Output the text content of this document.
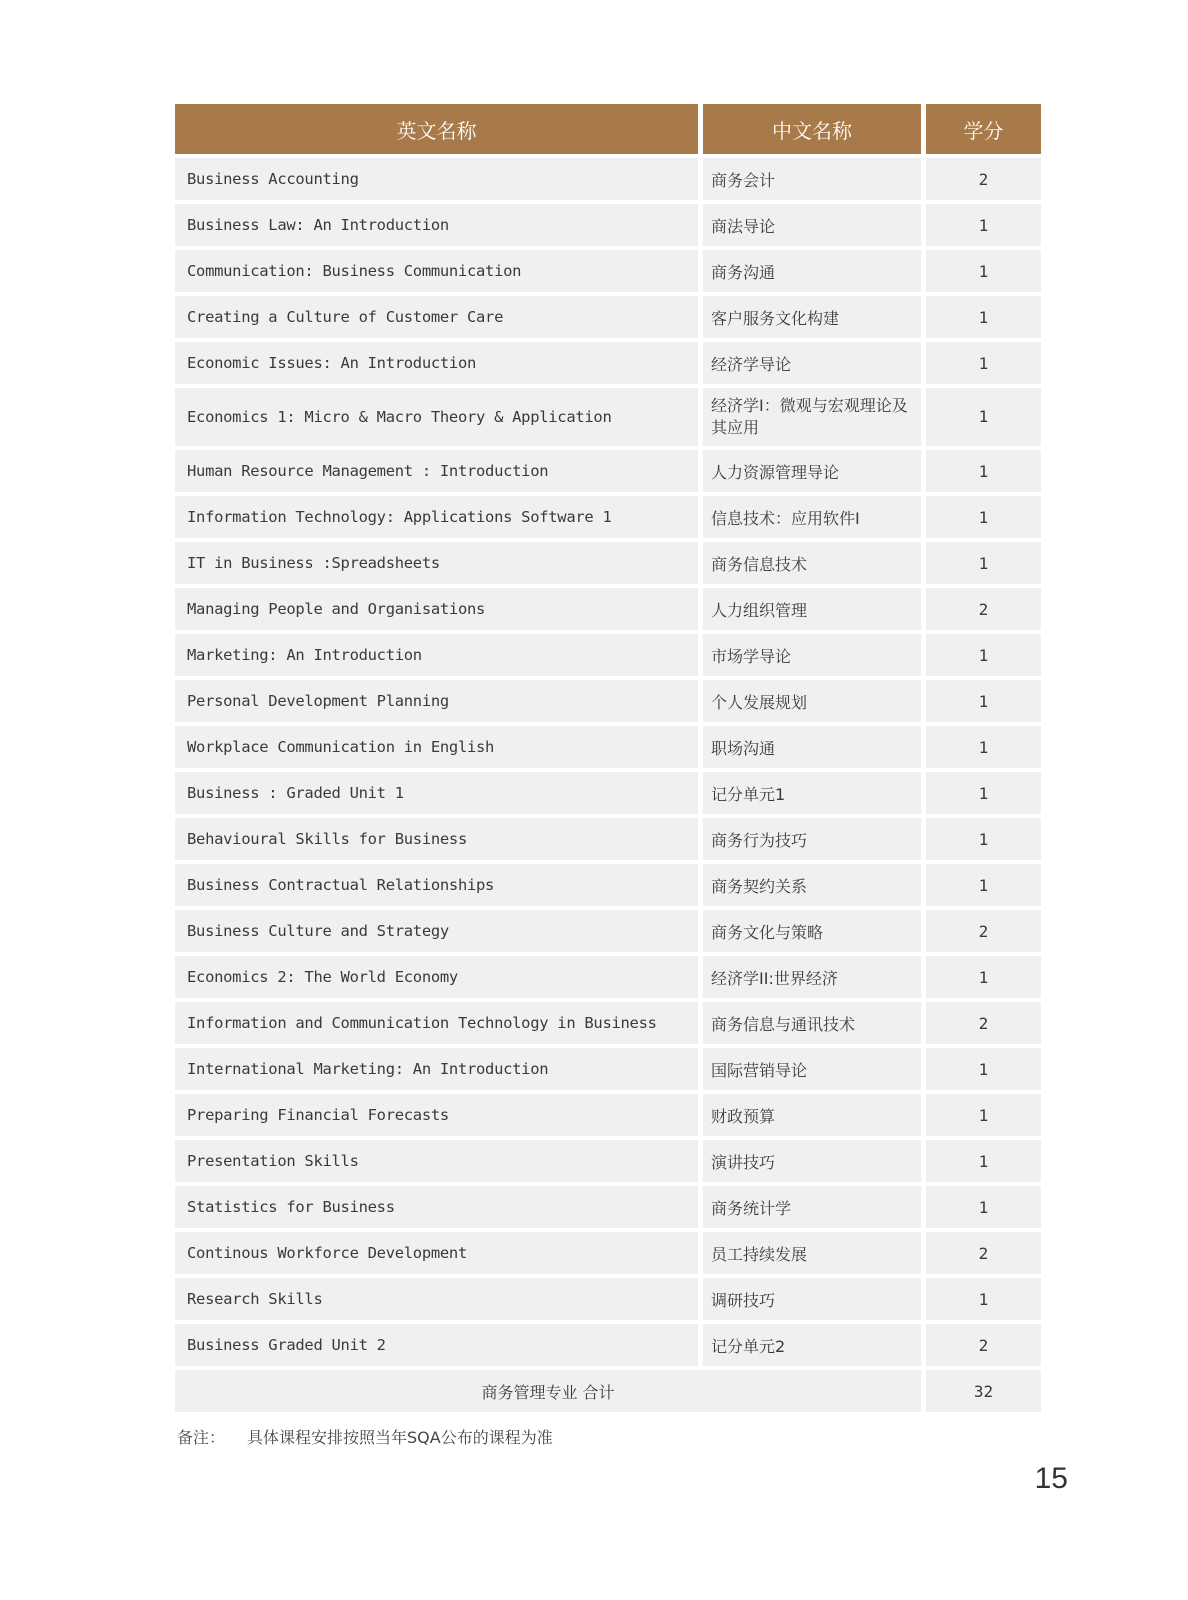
英文名称	中文名称	学分
Business Accounting	商务会计	2
Business Law: An Introduction	商法导论	1
Communication: Business Communication	商务沟通	1
Creating a Culture of Customer Care	客户服务文化构建	1
Economic Issues: An Introduction	经济学导论	1
Economics 1: Micro & Macro Theory & Application	经济学I：微观与宏观理论及其应用	1
Human Resource Management : Introduction	人力资源管理导论	1
Information Technology: Applications Software 1	信息技术：应用软件I	1
IT in Business :Spreadsheets	商务信息技术	1
Managing People and Organisations	人力组织管理	2
Marketing: An Introduction	市场学导论	1
Personal Development Planning	个人发展规划	1
Workplace Communication in English	职场沟通	1
Business : Graded Unit 1	记分单元1	1
Behavioural Skills for Business	商务行为技巧	1
Business Contractual Relationships	商务契约关系	1
Business Culture and Strategy	商务文化与策略	2
Economics 2: The World Economy	经济学II:世界经济	1
Information and Communication Technology in Business	商务信息与通讯技术	2
International Marketing: An Introduction	国际营销导论	1
Preparing Financial Forecasts	财政预算	1
Presentation Skills	演讲技巧	1
Statistics for Business	商务统计学	1
Continous Workforce Development	员工持续发展	2
Research Skills	调研技巧	1
Business Graded Unit 2	记分单元2	2
商务管理专业 合计		32
备注： 具体课程安排按照当年SQA公布的课程为准
15
